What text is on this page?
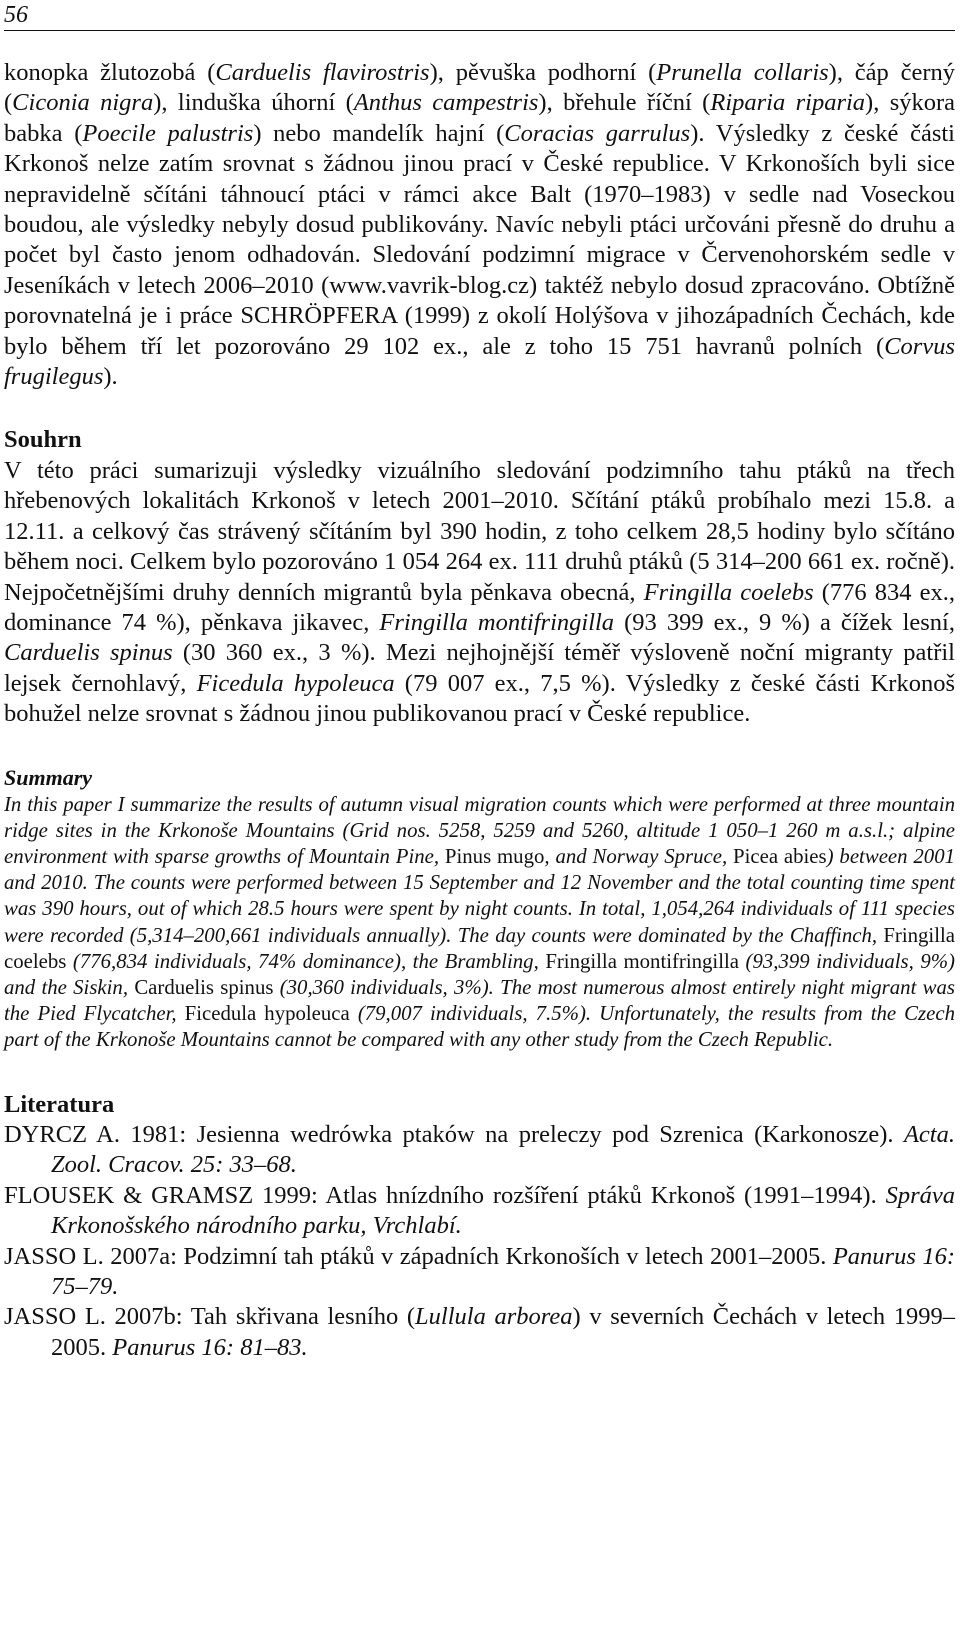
56

konopka žlutozobá (Carduelis flavirostris), pěvuška podhorní (Prunella collaris), čáp černý (Ciconia nigra), linduška úhorní (Anthus campestris), břehule říční (Riparia riparia), sýkora babka (Poecile palustris) nebo mandelík hajní (Coracias garrulus). Výsledky z české části Krkonoš nelze zatím srovnat s žádnou jinou prací v České republice. V Krkonoších byli sice nepravidelně sčítáni táhnoucí ptáci v rámci akce Balt (1970–1983) v sedle nad Voseckou boudou, ale výsledky nebyly dosud publikovány. Navíc nebyli ptáci určováni přesně do druhu a počet byl často jenom odhadován. Sledování podzimní migrace v Červenohorském sedle v Jeseníkách v letech 2006–2010 (www.vavrik-blog.cz) taktéž nebylo dosud zpracováno. Obtížně porovnatelná je i práce SCHRÖPFERA (1999) z okolí Holýšova v jihozápadních Čechách, kde bylo během tří let pozorováno 29 102 ex., ale z toho 15 751 havranů polních (Corvus frugilegus).

Souhrn

V této práci sumarizuji výsledky vizuálního sledování podzimního tahu ptáků na třech hřebenových lokalitách Krkonoš v letech 2001–2010. Sčítání ptáků probíhalo mezi 15.8. a 12.11. a celkový čas strávený sčítáním byl 390 hodin, z toho celkem 28,5 hodiny bylo sčítáno během noci. Celkem bylo pozorováno 1 054 264 ex. 111 druhů ptáků (5 314–200 661 ex. ročně). Nejpočetnějšími druhy denních migrantů byla pěnkava obecná, Fringilla coelebs (776 834 ex., dominance 74 %), pěnkava jikavec, Fringilla montifringilla (93 399 ex., 9 %) a čížek lesní, Carduelis spinus (30 360 ex., 3 %). Mezi nejhojnější téměř výsloveně noční migranty patřil lejsek černohlavý, Ficedula hypoleuca (79 007 ex., 7,5 %). Výsledky z české části Krkonoš bohužel nelze srovnat s žádnou jinou publikovanou prací v České republice.

Summary

In this paper I summarize the results of autumn visual migration counts which were performed at three mountain ridge sites in the Krkonoše Mountains (Grid nos. 5258, 5259 and 5260, altitude 1 050–1 260 m a.s.l.; alpine environment with sparse growths of Mountain Pine, Pinus mugo, and Norway Spruce, Picea abies) between 2001 and 2010. The counts were performed between 15 September and 12 November and the total counting time spent was 390 hours, out of which 28.5 hours were spent by night counts. In total, 1,054,264 individuals of 111 species were recorded (5,314–200,661 individuals annually). The day counts were dominated by the Chaffinch, Fringilla coelebs (776,834 individuals, 74% dominance), the Brambling, Fringilla montifringilla (93,399 individuals, 9%) and the Siskin, Carduelis spinus (30,360 individuals, 3%). The most numerous almost entirely night migrant was the Pied Flycatcher, Ficedula hypoleuca (79,007 individuals, 7.5%). Unfortunately, the results from the Czech part of the Krkonoše Mountains cannot be compared with any other study from the Czech Republic.

Literatura

DYRCZ A. 1981: Jesienna wedrówka ptaków na preleczy pod Szrenica (Karkonosze). Acta. Zool. Cracov. 25: 33–68.

FLOUSEK & GRAMSZ 1999: Atlas hnízdního rozšíření ptáků Krkonoš (1991–1994). Správa Krkonošského národního parku, Vrchlabí.

JASSO L. 2007a: Podzimní tah ptáků v západních Krkonoších v letech 2001–2005. Panurus 16: 75–79.

JASSO L. 2007b: Tah skřivana lesního (Lullula arborea) v severních Čechách v letech 1999–2005. Panurus 16: 81–83.
